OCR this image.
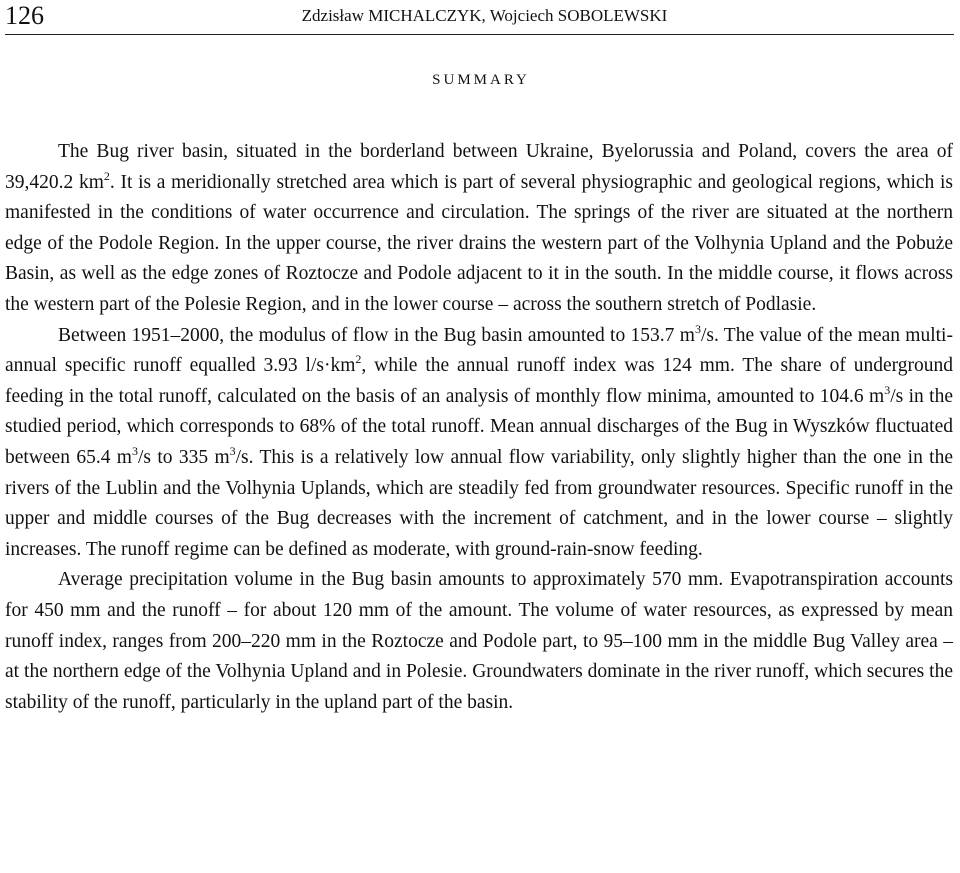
126	Zdzisław MICHALCZYK, Wojciech SOBOLEWSKI
SUMMARY

The Bug river basin, situated in the borderland between Ukraine, Byelorussia and Poland, covers the area of 39,420.2 $km^2$. It is a meridionally stretched area which is part of several physiographic and geological regions, which is manifested in the conditions of water occurrence and circulation. The springs of the river are situated at the northern edge of the Podole Region. In the upper course, the river drains the western part of the Volhynia Upland and the Pobuże Basin, as well as the edge zones of Roztocze and Podole adjacent to it in the south. In the middle course, it flows across the western part of the Polesie Region, and in the lower course – across the southern stretch of Podlasie.

Between 1951–2000, the modulus of flow in the Bug basin amounted to 153.7 $m^3/s$. The value of the mean multi-annual specific runoff equalled 3.93 $l/s\cdot km^2$, while the annual runoff index was 124 mm. The share of underground feeding in the total runoff, calculated on the basis of an analysis of monthly flow minima, amounted to 104.6 $m^3/s$ in the studied period, which corresponds to 68% of the total runoff. Mean annual discharges of the Bug in Wyszków fluctuated between 65.4 $m^3/s$ to 335 $m^3/s$. This is a relatively low annual flow variability, only slightly higher than the one in the rivers of the Lublin and the Volhynia Uplands, which are steadily fed from groundwater resources. Specific runoff in the upper and middle courses of the Bug decreases with the increment of catchment, and in the lower course – slightly increases. The runoff regime can be defined as moderate, with ground-rain-snow feeding.

Average precipitation volume in the Bug basin amounts to approximately 570 mm. Evapotranspiration accounts for 450 mm and the runoff – for about 120 mm of the amount. The volume of water resources, as expressed by mean runoff index, ranges from 200–220 mm in the Roztocze and Podole part, to 95–100 mm in the middle Bug Valley area – at the northern edge of the Volhynia Upland and in Polesie. Groundwaters dominate in the river runoff, which secures the stability of the runoff, particularly in the upland part of the basin.
